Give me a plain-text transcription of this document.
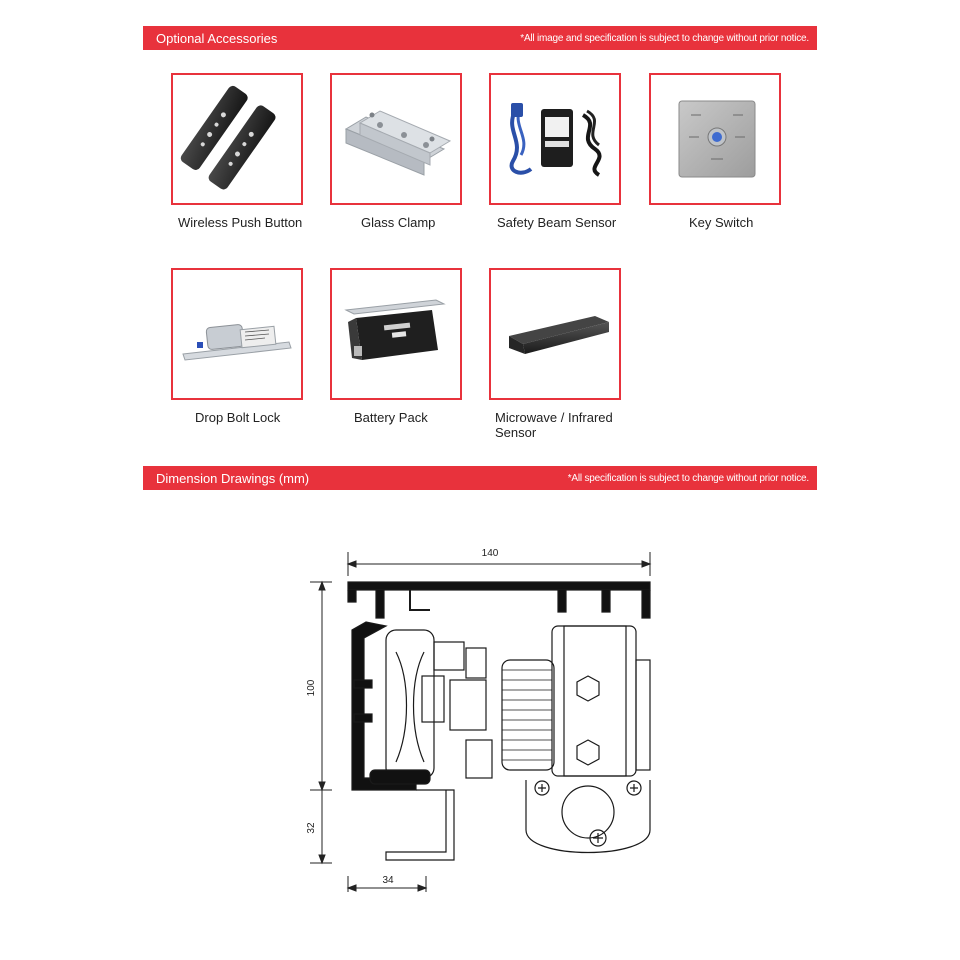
Optional Accessories	*All image and specification is subject to change without prior notice.
Wireless Push Button	Glass Clamp	Safety Beam Sensor	Key Switch
Drop Bolt Lock	Battery Pack	Microwave / Infrared Sensor
Dimension Drawings (mm)	*All specification is subject to change without prior notice.
140
100
32
34
